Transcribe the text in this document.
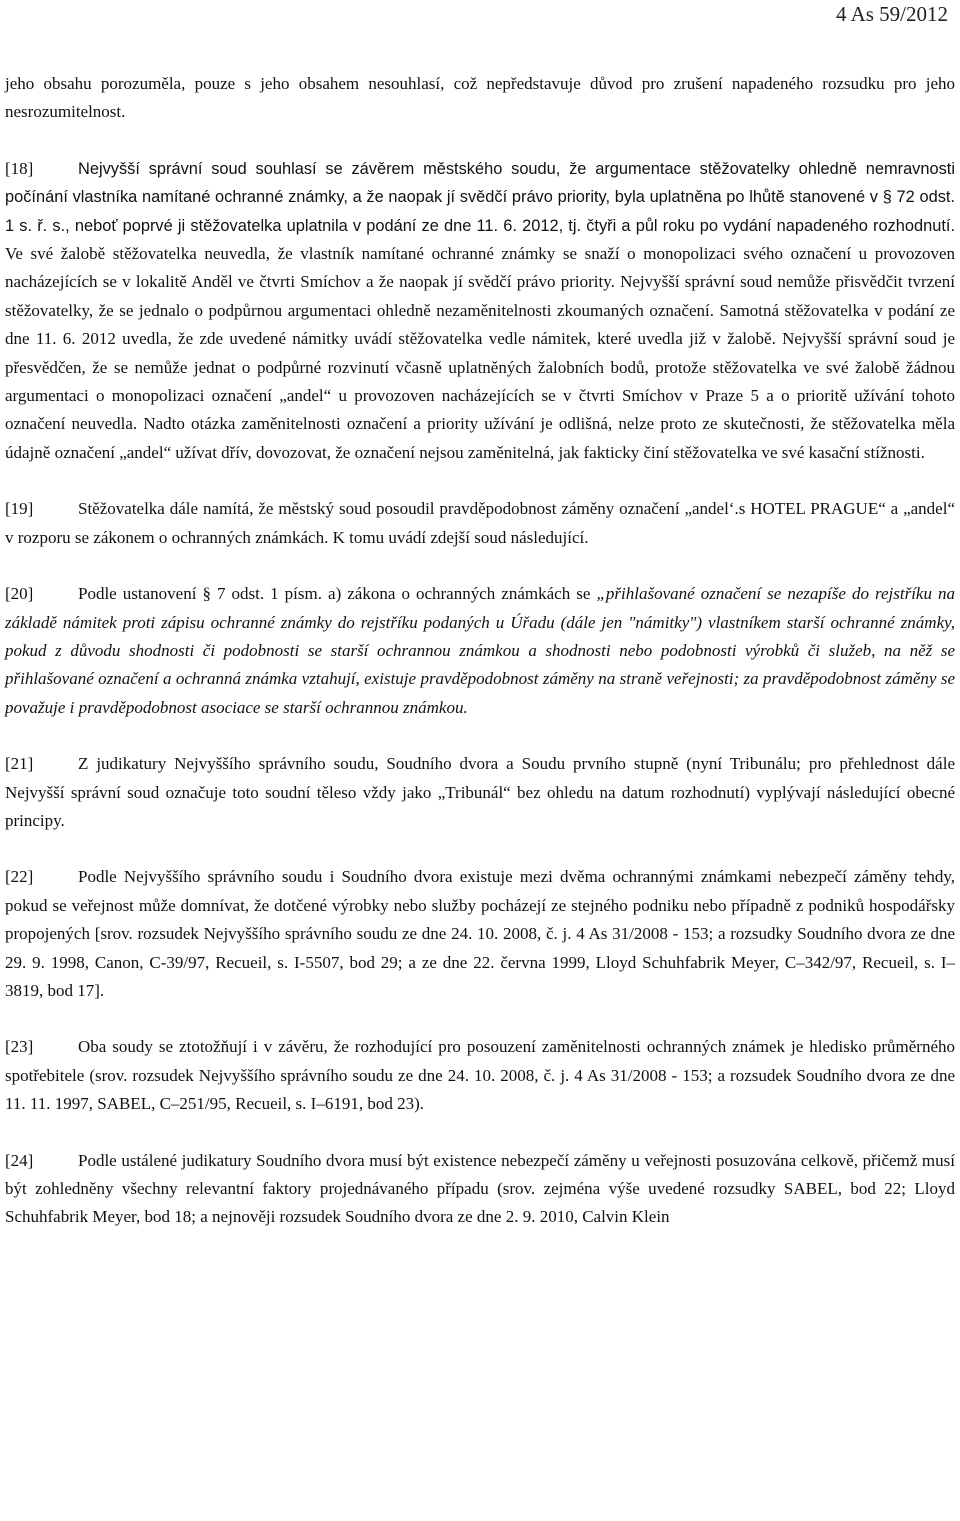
4 As 59/2012

jeho obsahu porozuměla, pouze s jeho obsahem nesouhlasí, což nepředstavuje důvod pro zrušení napadeného rozsudku pro jeho nesrozumitelnost.

[18]	Nejvyšší správní soud souhlasí se závěrem městského soudu, že argumentace stěžovatelky ohledně nemravnosti počínání vlastníka namítané ochranné známky, a že naopak jí svědčí právo priority, byla uplatněna po lhůtě stanovené v § 72 odst. 1 s. ř. s., neboť poprvé ji stěžovatelka uplatnila v podání ze dne 11. 6. 2012, tj. čtyři a půl roku po vydání napadeného rozhodnutí. Ve své žalobě stěžovatelka neuvedla, že vlastník namítané ochranné známky se snaží o monopolizaci svého označení u provozoven nacházejících se v lokalitě Anděl ve čtvrti Smíchov a že naopak jí svědčí právo priority. Nejvyšší správní soud nemůže přisvědčit tvrzení stěžovatelky, že se jednalo o podpůrnou argumentaci ohledně nezaměnitelnosti zkoumaných označení. Samotná stěžovatelka v podání ze dne 11. 6. 2012 uvedla, že zde uvedené námitky uvádí stěžovatelka vedle námitek, které uvedla již v žalobě. Nejvyšší správní soud je přesvědčen, že se nemůže jednat o podpůrné rozvinutí včasně uplatněných žalobních bodů, protože stěžovatelka ve své žalobě žádnou argumentaci o monopolizaci označení „andel“ u provozoven nacházejících se v čtvrti Smíchov v Praze 5 a o prioritě užívání tohoto označení neuvedla. Nadto otázka zaměnitelnosti označení a priority užívání je odlišná, nelze proto ze skutečnosti, že stěžovatelka měla údajně označení „andel“ užívat dřív, dovozovat, že označení nejsou zaměnitelná, jak fakticky činí stěžovatelka ve své kasační stížnosti.

[19]	Stěžovatelka dále namítá, že městský soud posoudil pravděpodobnost záměny označení „andel‘.s HOTEL PRAGUE“ a „andel“ v rozporu se zákonem o ochranných známkách. K tomu uvádí zdejší soud následující.

[20]	Podle ustanovení § 7 odst. 1 písm. a) zákona o ochranných známkách se „přihlašované označení se nezapíše do rejstříku na základě námitek proti zápisu ochranné známky do rejstříku podaných u Úřadu (dále jen "námitky") vlastníkem starší ochranné známky, pokud z důvodu shodnosti či podobnosti se starší ochrannou známkou a shodnosti nebo podobnosti výrobků či služeb, na něž se přihlašované označení a ochranná známka vztahují, existuje pravděpodobnost záměny na straně veřejnosti; za pravděpodobnost záměny se považuje i pravděpodobnost asociace se starší ochrannou známkou.

[21]	Z judikatury Nejvyššího správního soudu, Soudního dvora a Soudu prvního stupně (nyní Tribunálu; pro přehlednost dále Nejvyšší správní soud označuje toto soudní těleso vždy jako „Tribunál“ bez ohledu na datum rozhodnutí) vyplývají následující obecné principy.

[22]	Podle Nejvyššího správního soudu i Soudního dvora existuje mezi dvěma ochrannými známkami nebezpečí záměny tehdy, pokud se veřejnost může domnívat, že dotčené výrobky nebo služby pocházejí ze stejného podniku nebo případně z podniků hospodářsky propojených [srov. rozsudek Nejvyššího správního soudu ze dne 24. 10. 2008, č. j. 4 As 31/2008 - 153; a rozsudky Soudního dvora ze dne 29. 9. 1998, Canon, C-39/97, Recueil, s. I-5507, bod 29; a ze dne 22. června 1999, Lloyd Schuhfabrik Meyer, C–342/97, Recueil, s. I–3819, bod 17].

[23]	Oba soudy se ztotožňují i v závěru, že rozhodující pro posouzení zaměnitelnosti ochranných známek je hledisko průměrného spotřebitele (srov. rozsudek Nejvyššího správního soudu ze dne 24. 10. 2008, č. j. 4 As 31/2008 - 153; a rozsudek Soudního dvora ze dne 11. 11. 1997, SABEL, C–251/95, Recueil, s. I–6191, bod 23).

[24]	Podle ustálené judikatury Soudního dvora musí být existence nebezpečí záměny u veřejnosti posuzována celkově, přičemž musí být zohledněny všechny relevantní faktory projednávaného případu (srov. zejména výše uvedené rozsudky SABEL, bod 22; Lloyd Schuhfabrik Meyer, bod 18; a nejnověji rozsudek Soudního dvora ze dne 2. 9. 2010, Calvin Klein
